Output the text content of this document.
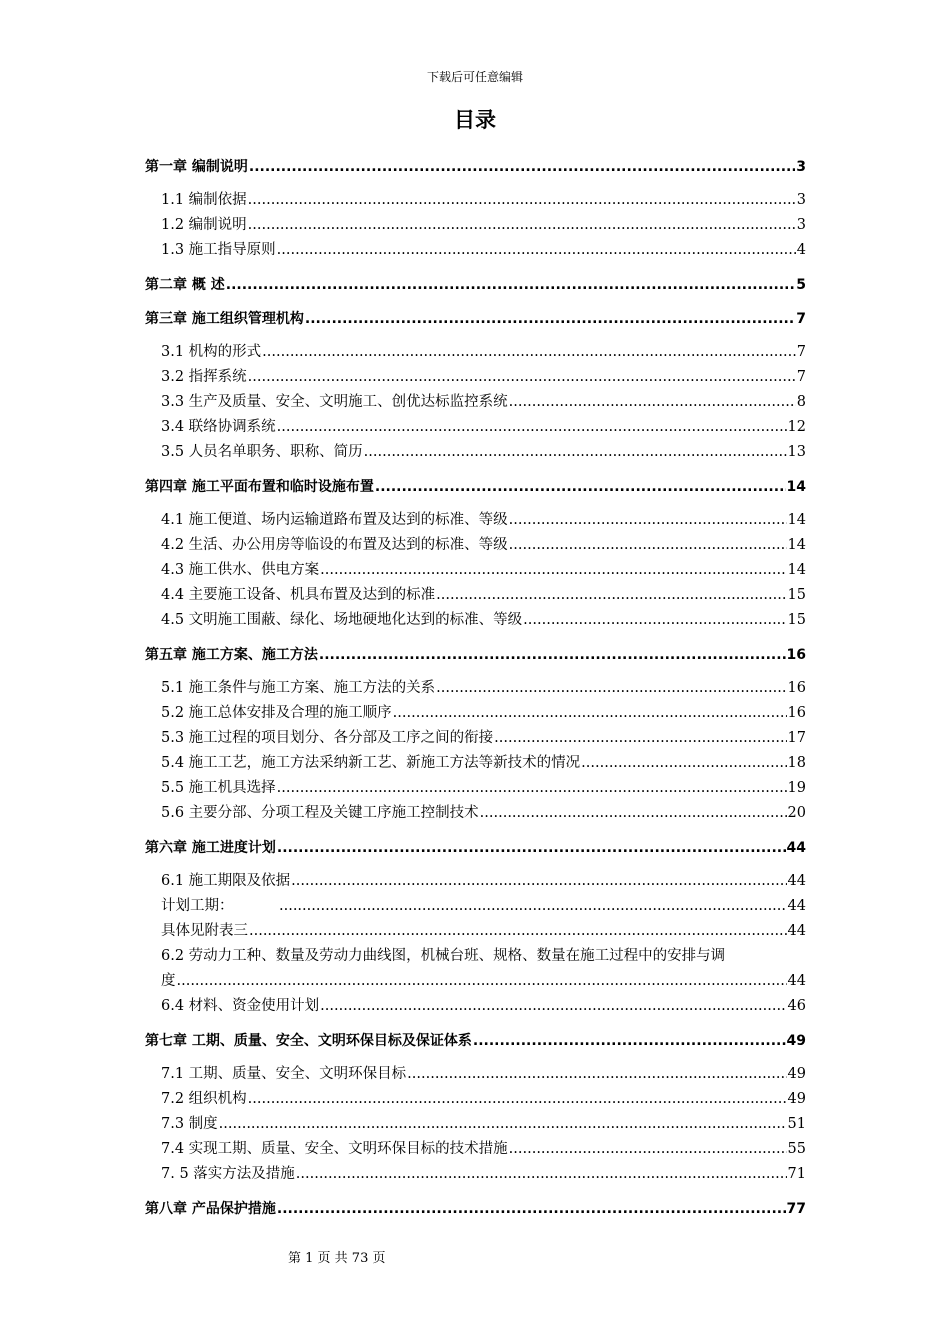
下载后可任意编辑
目录
第一章 编制说明 .....	3
1.1 编制依据 .....	3
1.2 编制说明 .....	3
1.3 施工指导原则 .....	4
第二章 概 述 .....	5
第三章 施工组织管理机构 .....	7
3.1 机构的形式 .....	7
3.2 指挥系统 .....	7
3.3 生产及质量、安全、文明施工、创优达标监控系统 .....	8
3.4 联络协调系统 .....	12
3.5 人员名单职务、职称、简历 .....	13
第四章 施工平面布置和临时设施布置 .....	14
4.1 施工便道、场内运输道路布置及达到的标准、等级 .....	14
4.2 生活、办公用房等临设的布置及达到的标准、等级 .....	14
4.3 施工供水、供电方案 .....	14
4.4 主要施工设备、机具布置及达到的标准 .....	15
4.5 文明施工围蔽、绿化、场地硬地化达到的标准、等级 .....	15
第五章 施工方案、施工方法 .....	16
5.1 施工条件与施工方案、施工方法的关系 .....	16
5.2 施工总体安排及合理的施工顺序 .....	16
5.3 施工过程的项目划分、各分部及工序之间的衔接 .....	17
5.4 施工工艺，施工方法采纳新工艺、新施工方法等新技术的情况 .....	18
5.5 施工机具选择 .....	19
5.6 主要分部、分项工程及关键工序施工控制技术 .....	20
第六章 施工进度计划 .....	44
6.1 施工期限及依据 .....	44
计划工期： .....	44
具体见附表三 .....	44
6.2 劳动力工种、数量及劳动力曲线图，机械台班、规格、数量在施工过程中的安排与调
度 .....	44
6.4 材料、资金使用计划 .....	46
第七章 工期、质量、安全、文明环保目标及保证体系 .....	49
7.1 工期、质量、安全、文明环保目标 .....	49
7.2 组织机构 .....	49
7.3 制度 .....	51
7.4 实现工期、质量、安全、文明环保目标的技术措施 .....	55
7. 5 落实方法及措施 .....	71
第八章 产品保护措施 .....	77
第 1 页 共 73 页
